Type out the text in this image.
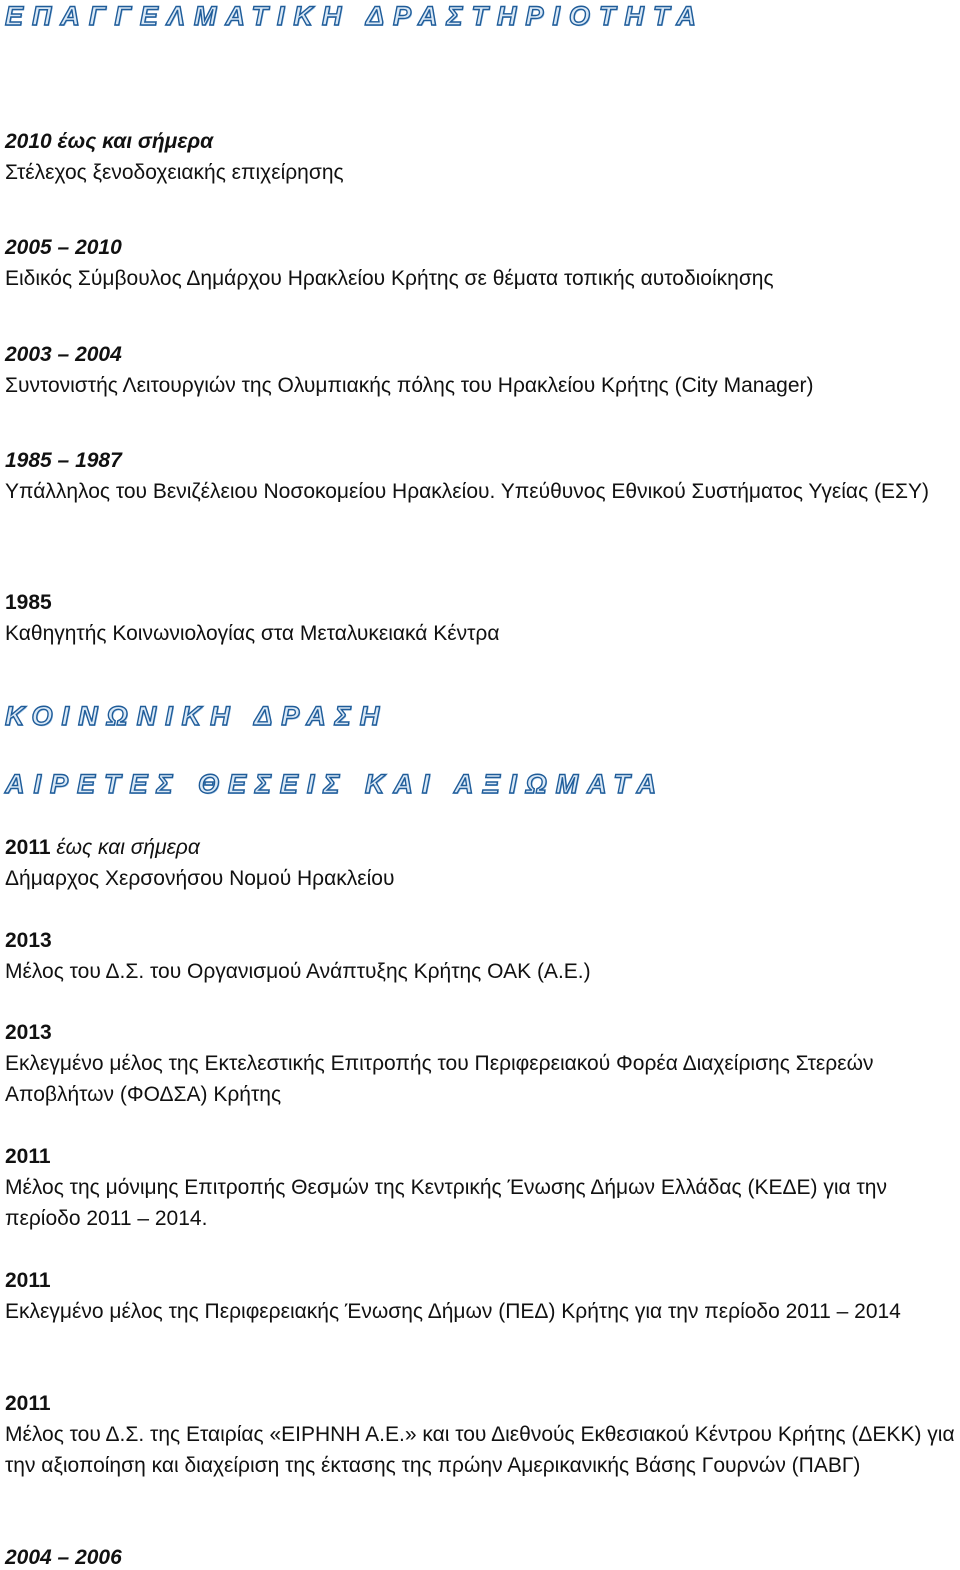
ΕΠΑΓΓΕΛΜΑΤΙΚΗ ΔΡΑΣΤΗΡΙΟΤΗΤΑ
2010 έως και σήμερα
Στέλεχος ξενοδοχειακής επιχείρησης
2005 – 2010
Ειδικός Σύμβουλος Δημάρχου Ηρακλείου Κρήτης σε θέματα τοπικής αυτοδιοίκησης
2003 – 2004
Συντονιστής Λειτουργιών της Ολυμπιακής πόλης του Ηρακλείου Κρήτης (City Manager)
1985 – 1987
Υπάλληλος του Βενιζέλειου Νοσοκομείου Ηρακλείου. Υπεύθυνος Εθνικού Συστήματος Υγείας (ΕΣΥ)
1985
Καθηγητής Κοινωνιολογίας στα Μεταλυκειακά Κέντρα
ΚΟΙΝΩΝΙΚΗ ΔΡΑΣΗ
ΑΙΡΕΤΕΣ ΘΕΣΕΙΣ ΚΑΙ ΑΞΙΩΜΑΤΑ
2011 έως και σήμερα
Δήμαρχος Χερσονήσου Νομού Ηρακλείου
2013
Μέλος του Δ.Σ. του Οργανισμού Ανάπτυξης Κρήτης ΟΑΚ (Α.Ε.)
2013
Εκλεγμένο μέλος της Εκτελεστικής Επιτροπής του Περιφερειακού Φορέα Διαχείρισης Στερεών Αποβλήτων (ΦΟΔΣΑ) Κρήτης
2011
Μέλος της μόνιμης Επιτροπής Θεσμών της Κεντρικής Ένωσης Δήμων Ελλάδας (ΚΕΔΕ) για την περίοδο 2011 – 2014.
2011
Εκλεγμένο μέλος της Περιφερειακής Ένωσης Δήμων (ΠΕΔ) Κρήτης για την περίοδο 2011 – 2014
2011
Μέλος του Δ.Σ. της Εταιρίας «ΕΙΡΗΝΗ Α.Ε.» και του Διεθνούς Εκθεσιακού Κέντρου Κρήτης (ΔΕΚΚ) για την αξιοποίηση και διαχείριση της έκτασης της πρώην Αμερικανικής Βάσης Γουρνών (ΠΑΒΓ)
2004 – 2006
